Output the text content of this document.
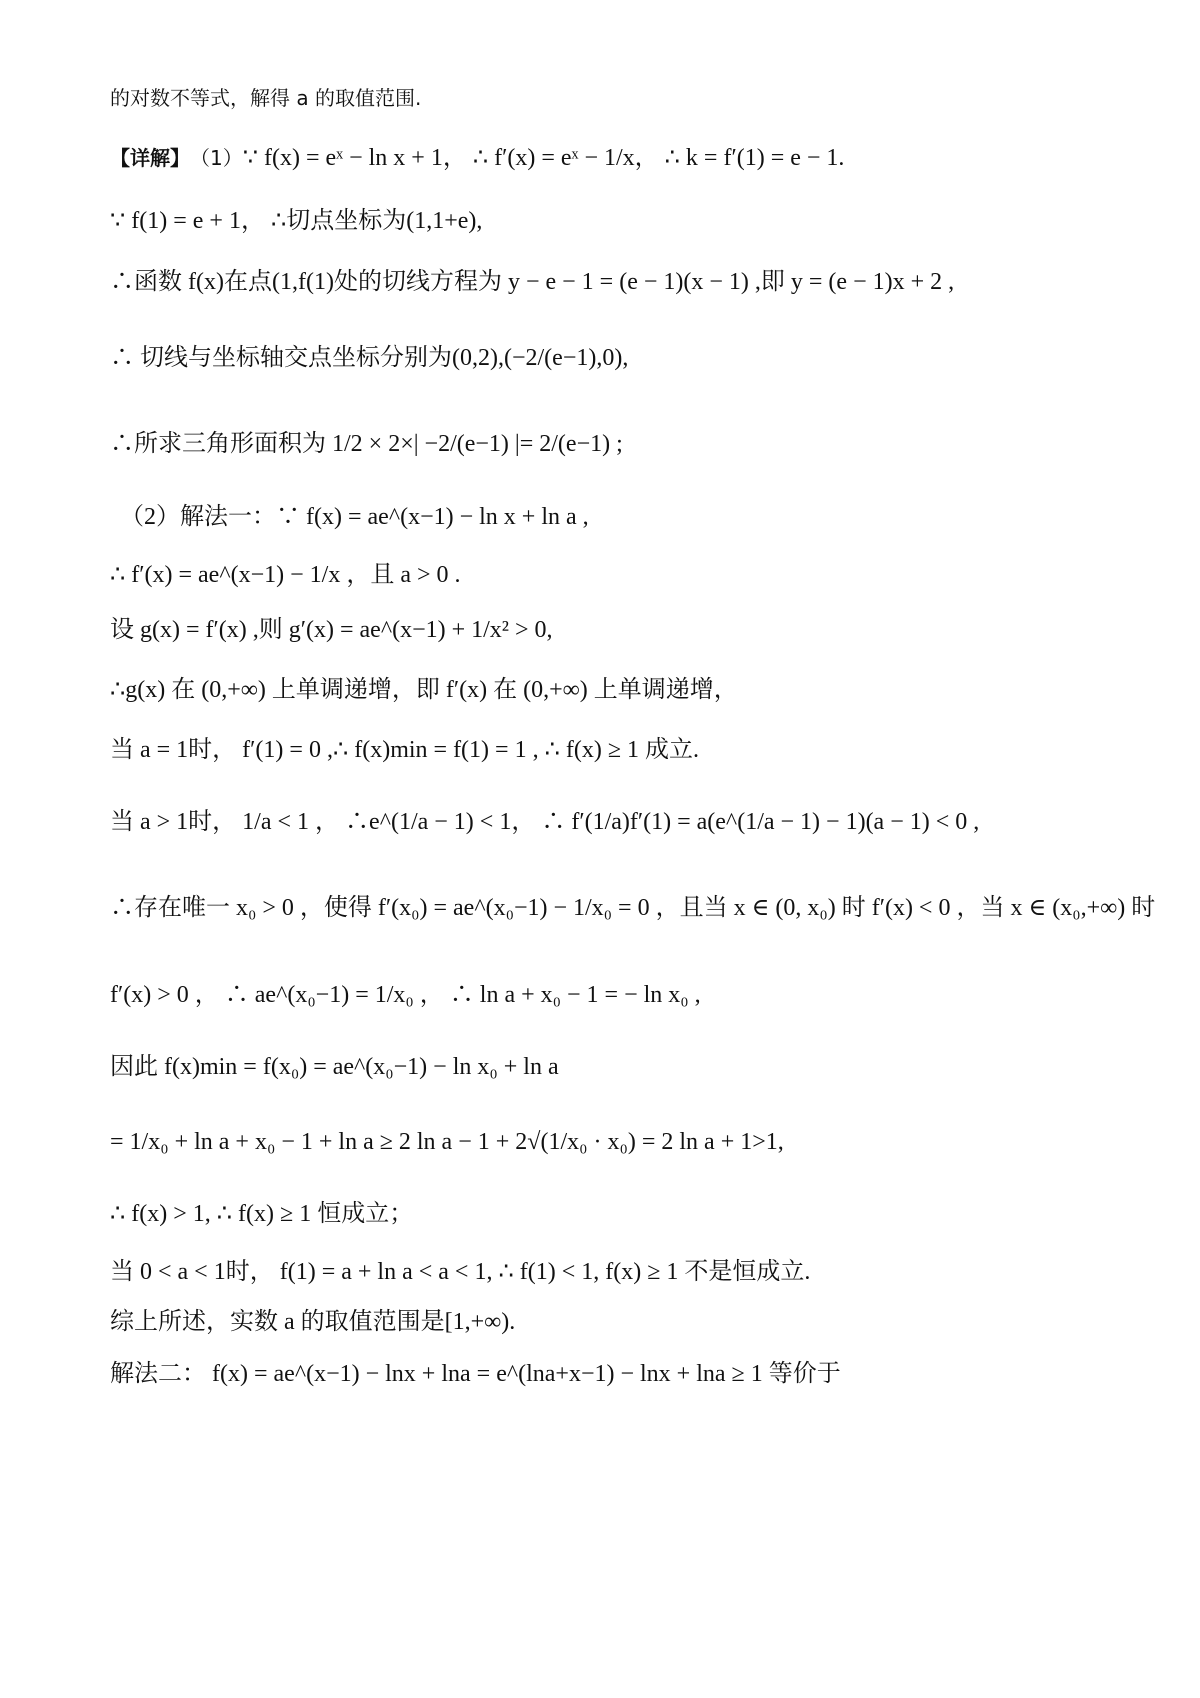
的对数不等式，解得 a 的取值范围.
【详解】 （1） ∵ f(x) = eˣ − ln x + 1， ∴ f′(x) = eˣ − 1/x， ∴ k = f′(1) = e − 1.
∵ f(1) = e + 1， ∴切点坐标为(1,1+e),
∴函数 f(x)在点(1,f(1)处的切线方程为 y − e − 1 = (e − 1)(x − 1) ,即 y = (e − 1)x + 2 ,
∴ 切线与坐标轴交点坐标分别为(0,2),(−2/(e−1),0),
∴所求三角形面积为 1/2 × 2×| −2/(e−1) |= 2/(e−1) ;
（2）解法一：∵ f(x) = ae^(x−1) − ln x + ln a ,
∴ f′(x) = ae^(x−1) − 1/x ，且 a > 0 .
设 g(x) = f′(x) ,则 g′(x) = ae^(x−1) + 1/x² > 0,
∴g(x) 在 (0,+∞) 上单调递增，即 f′(x) 在 (0,+∞) 上单调递增，
当 a = 1时， f′(1) = 0 ,∴ f(x)min = f(1) = 1 , ∴ f(x) ≥ 1 成立.
当 a > 1时， 1/a < 1 ， ∴e^(1/a − 1) < 1， ∴ f′(1/a)f′(1) = a(e^(1/a − 1) − 1)(a − 1) < 0 ,
∴存在唯一 x₀ > 0 ，使得 f′(x₀) = ae^(x₀−1) − 1/x₀ = 0 ，且当 x ∈ (0, x₀) 时 f′(x) < 0 ，当 x ∈ (x₀,+∞) 时
f′(x) > 0 ， ∴ ae^(x₀−1) = 1/x₀ ， ∴ ln a + x₀ − 1 = − ln x₀ ,
因此 f(x)min = f(x₀) = ae^(x₀−1) − ln x₀ + ln a
= 1/x₀ + ln a + x₀ − 1 + ln a ≥ 2 ln a − 1 + 2√(1/x₀ · x₀) = 2 ln a + 1>1,
∴ f(x) > 1, ∴ f(x) ≥ 1 恒成立；
当 0 < a < 1时， f(1) = a + ln a < a < 1, ∴ f(1) < 1, f(x) ≥ 1 不是恒成立.
综上所述，实数 a 的取值范围是[1,+∞).
解法二： f(x) = ae^(x−1) − lnx + lna = e^(lna+x−1) − lnx + lna ≥ 1 等价于
